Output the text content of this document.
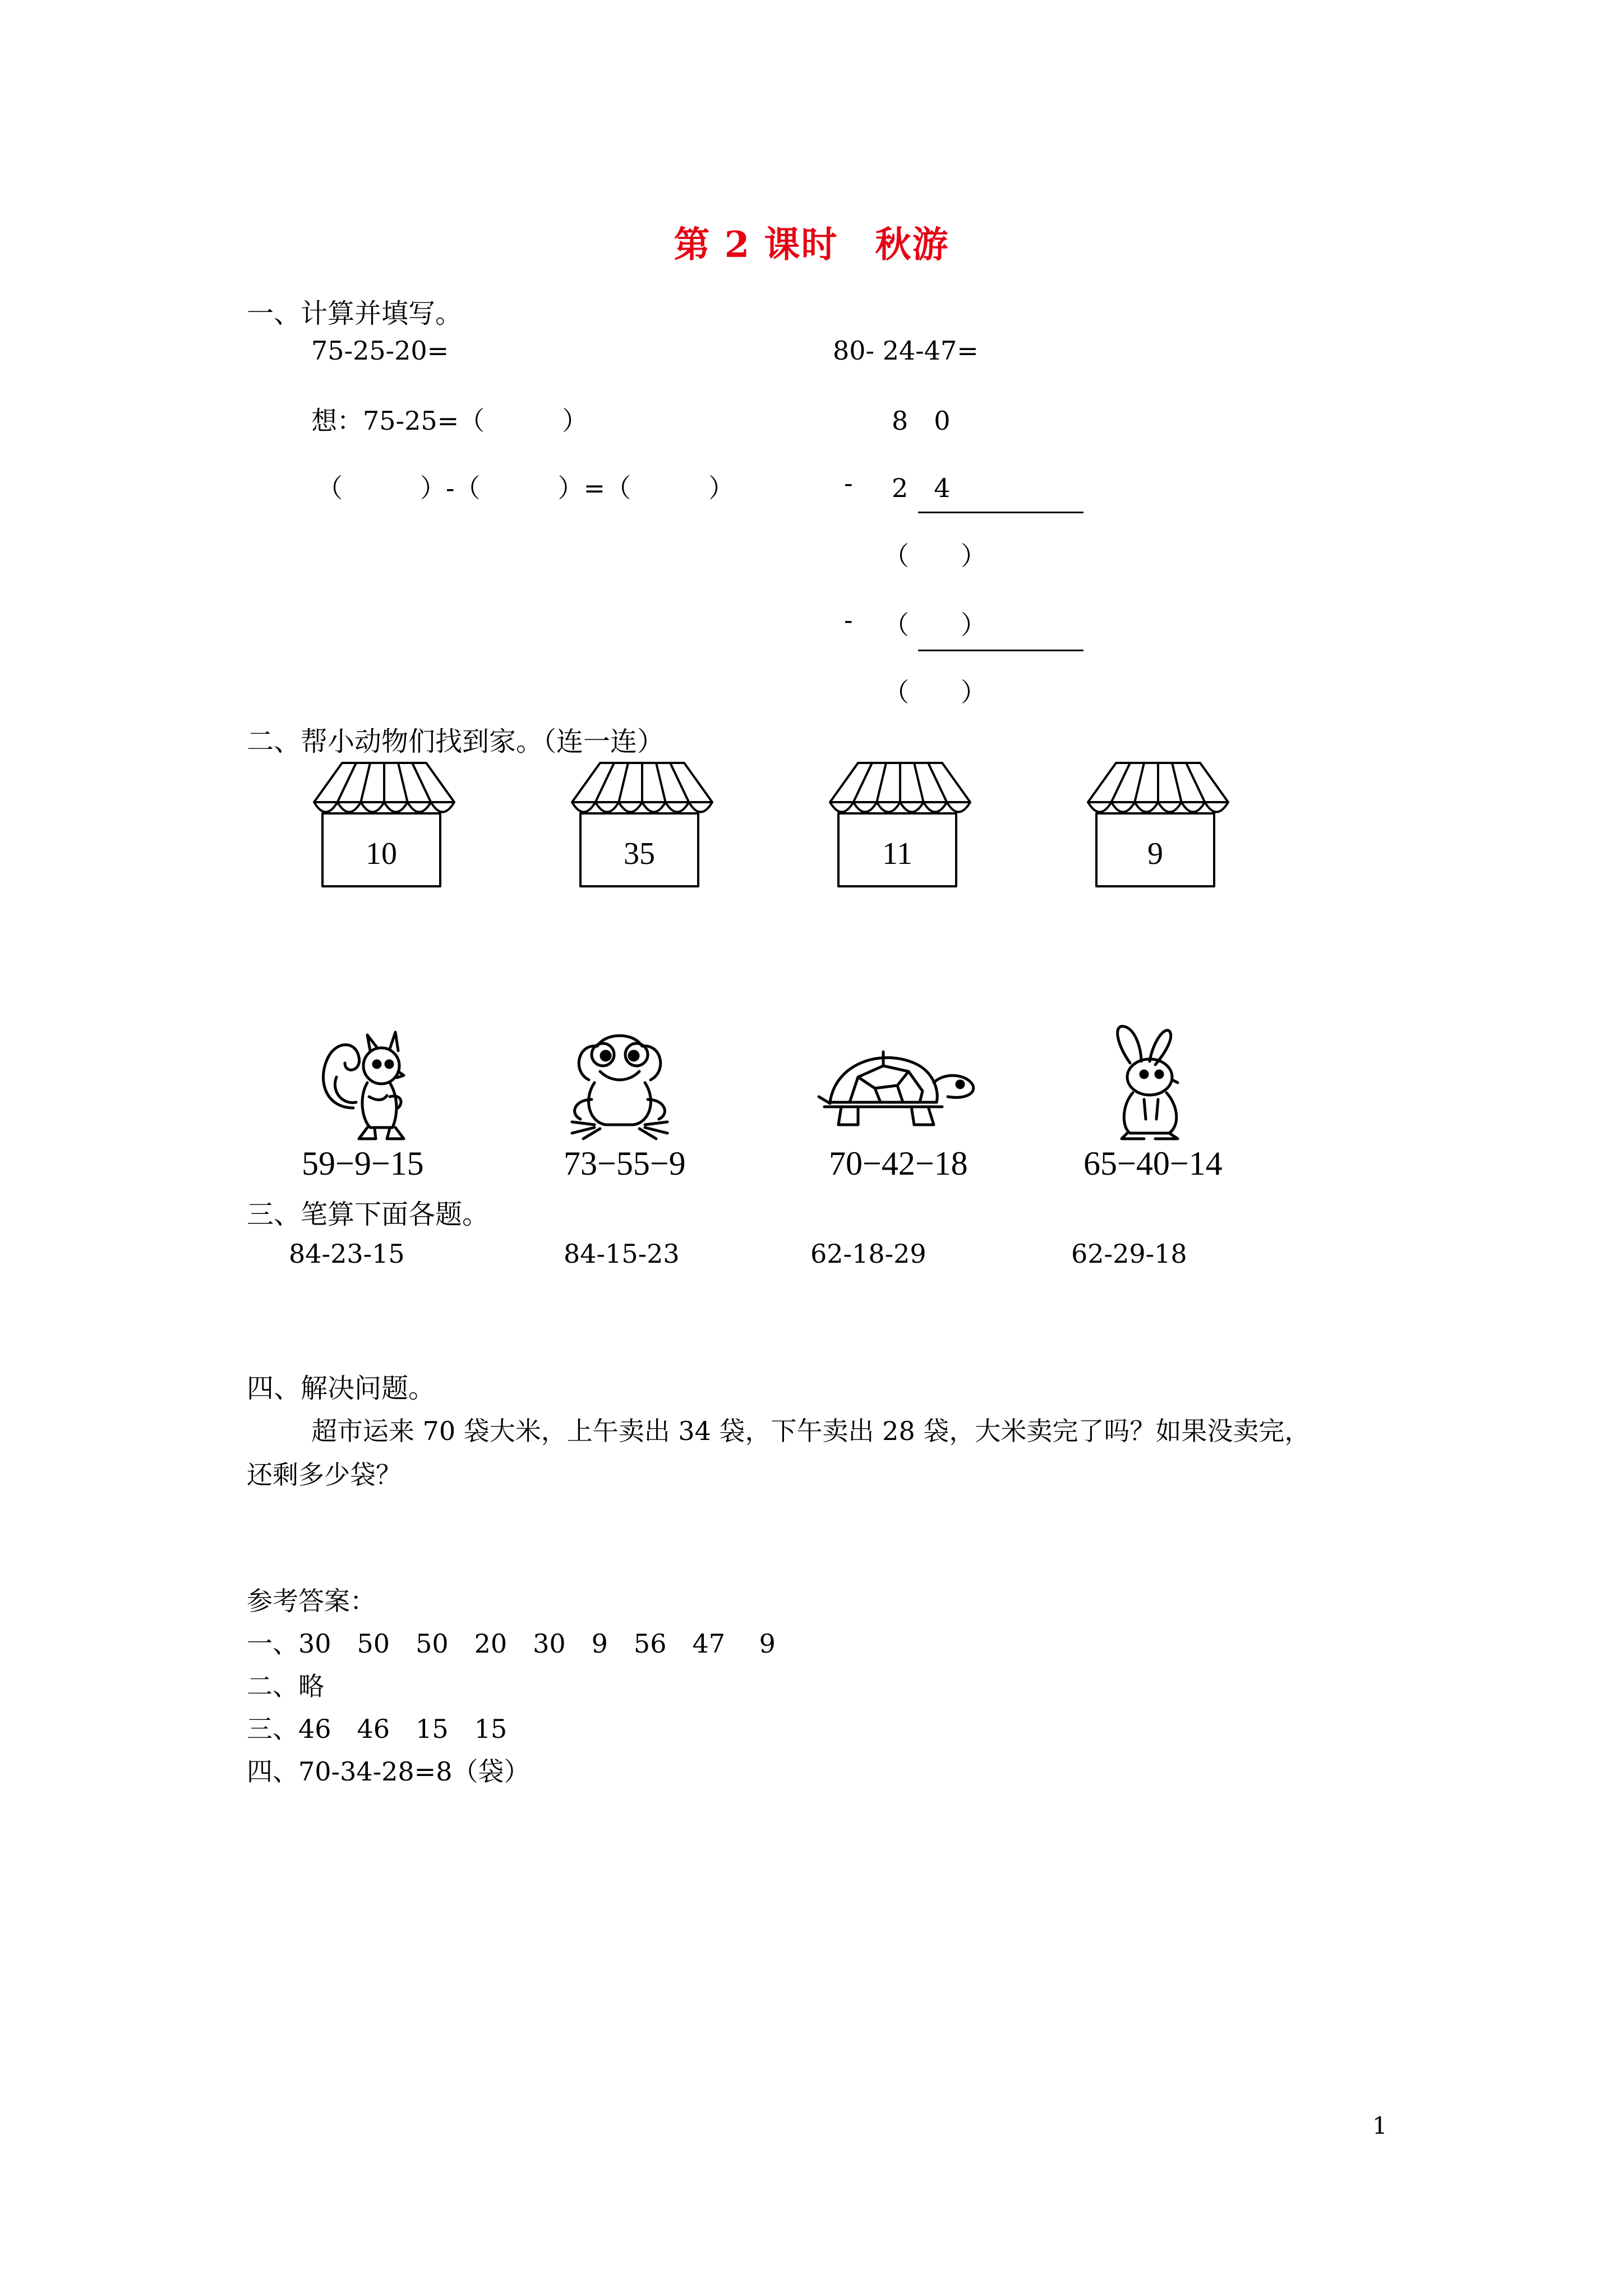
第 2 课时　秋游
一、计算并填写。
75-25-20=
想：75-25=（　　　）
（　　　）-（　　　）=（　　　）
80- 24-47=
8　0
- 2　4
（　　）
- （　　）
（　　）
二、帮小动物们找到家。（连一连）
10	35	11	9
59−9−15	73−55−9	70−42−18	65−40−14
三、笔算下面各题。
84-23-15	84-15-23	62-18-29	62-29-18
四、解决问题。
超市运来 70 袋大米，上午卖出 34 袋，下午卖出 28 袋，大米卖完了吗？如果没卖完，
还剩多少袋？
参考答案：
一、30　50　50　20　30　9　56　47　 9
二、略
三、46　46　15　15
四、70-34-28=8（袋）
1
